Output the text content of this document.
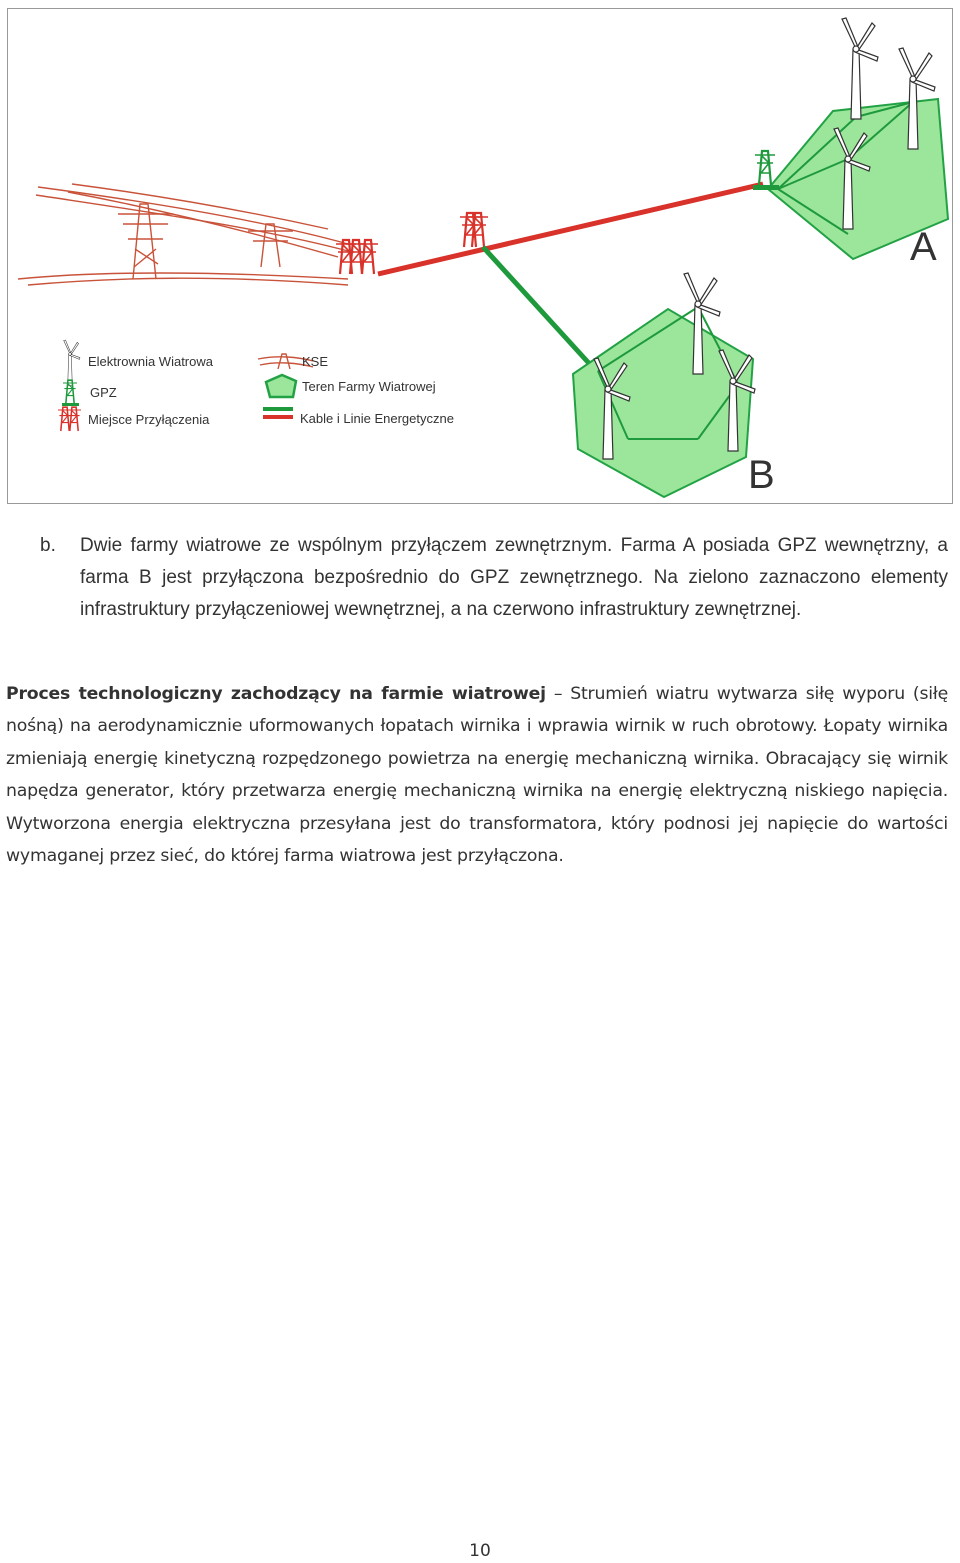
A
B
Elektrownia Wiatrowa
GPZ
Miejsce Przyłączenia
KSE
Teren Farmy Wiatrowej
Kable i Linie Energetyczne
b. Dwie farmy wiatrowe ze wspólnym przyłączem zewnętrznym. Farma A posiada GPZ wewnętrzny, a farma B jest przyłączona bezpośrednio do GPZ zewnętrznego. Na zielono zaznaczono elementy infrastruktury przyłączeniowej wewnętrznej, a na czerwono infrastruktury zewnętrznej.
Proces technologiczny zachodzący na farmie wiatrowej – Strumień wiatru wytwarza siłę wyporu (siłę nośną) na aerodynamicznie uformowanych łopatach wirnika i wprawia wirnik w ruch obrotowy. Łopaty wirnika zmieniają energię kinetyczną rozpędzonego powietrza na energię mechaniczną wirnika. Obracający się wirnik napędza generator, który przetwarza energię mechaniczną wirnika na energię elektryczną niskiego napięcia. Wytworzona energia elektryczna przesyłana jest do transformatora, który podnosi jej napięcie do wartości wymaganej przez sieć, do której farma wiatrowa jest przyłączona.
10
